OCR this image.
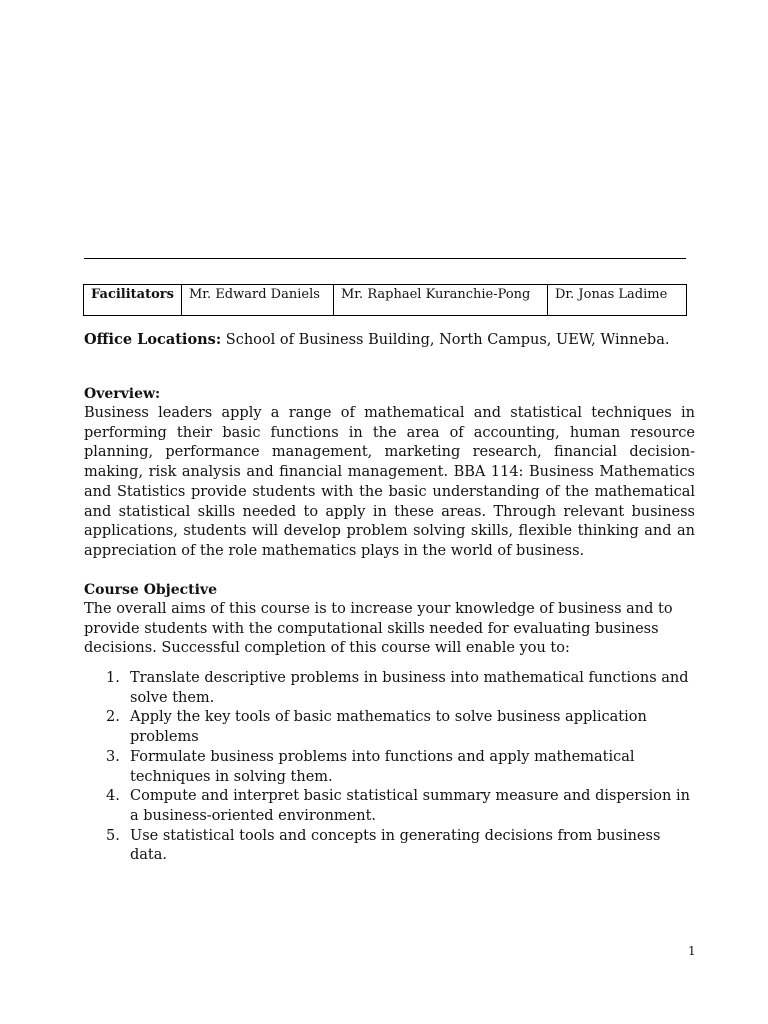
Facilitators	Mr. Edward Daniels	Mr. Raphael Kuranchie-Pong	Dr. Jonas Ladime
Office Locations: School of Business Building, North Campus, UEW, Winneba.
Overview:
Business leaders apply a range of mathematical and statistical techniques in
performing their basic functions in the area of accounting, human resource
planning, performance management, marketing research, financial decision-
making, risk analysis and financial management. BBA 114: Business Mathematics
and Statistics provide students with the basic understanding of the mathematical
and statistical skills needed to apply in these areas. Through relevant business
applications, students will develop problem solving skills, flexible thinking and an
appreciation of the role mathematics plays in the world of business.
Course Objective
The overall aims of this course is to increase your knowledge of business and to
provide students with the computational skills needed for evaluating business
decisions. Successful completion of this course will enable you to:
1. Translate descriptive problems in business into mathematical functions and
solve them.
2. Apply the key tools of basic mathematics to solve business application
problems
3. Formulate business problems into functions and apply mathematical
techniques in solving them.
4. Compute and interpret basic statistical summary measure and dispersion in
a business-oriented environment.
5. Use statistical tools and concepts in generating decisions from business
data.
1
